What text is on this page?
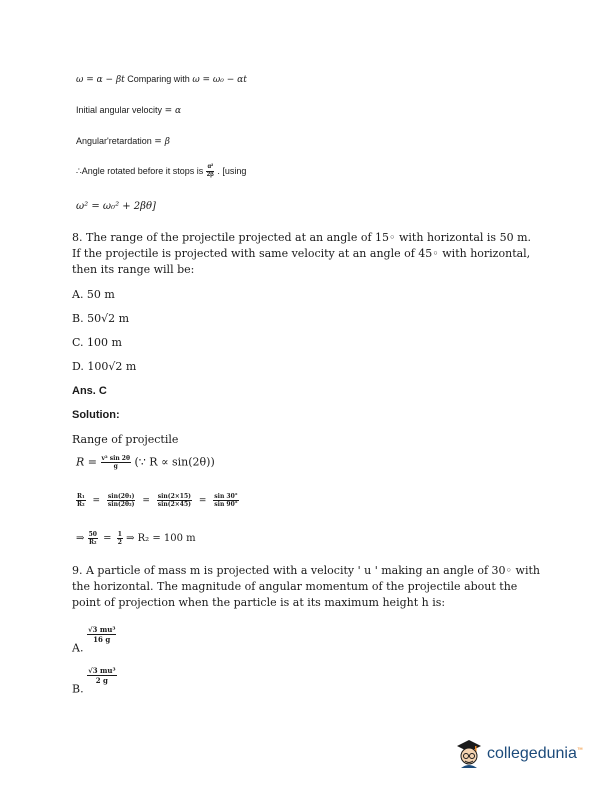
ω = α − βt Comparing with ω = ω₀ − αt
Initial angular velocity = α
Angular'retardation = β
∴Angle rotated before it stops is $\frac{\text{α²}}{2\beta}$ . [using
ω² = ω₀² + 2βθ]
8. The range of the projectile projected at an angle of 15◦ with horizontal is 50 m. If the projectile is projected with same velocity at an angle of 45◦ with horizontal, then its range will be:
A. 50 m
B. 50√2 m
C. 100 m
D. 100√2 m
Ans. C
Solution:
Range of projectile
$R = \frac{\text{v² sin 2θ}}{g}$ (∵ R ∝ sin(2θ))
$\frac{\text{R₁}}{\text{R₂}} = \frac{\text{sin(2θ₁)}}{\text{sin(2θ₂)}} = \frac{\sin(2\times 15)}{\sin(2\times 45)} = \frac{\sin 30^\circ}{\sin 90^\circ}$
⇒ $\frac{50}{\text{R₂}} = \frac{1}{2}$ ⇒ R₂ = 100 m
9. A particle of mass m is projected with a velocity ' u ' making an angle of 30◦ with the horizontal. The magnitude of angular momentum of the projectile about the point of projection when the particle is at its maximum height h is:
A.
$\frac{\text{√3 mu³}}{16 g}$
B.
$\frac{\text{√3 mu³}}{2 g}$
collegedunia™
